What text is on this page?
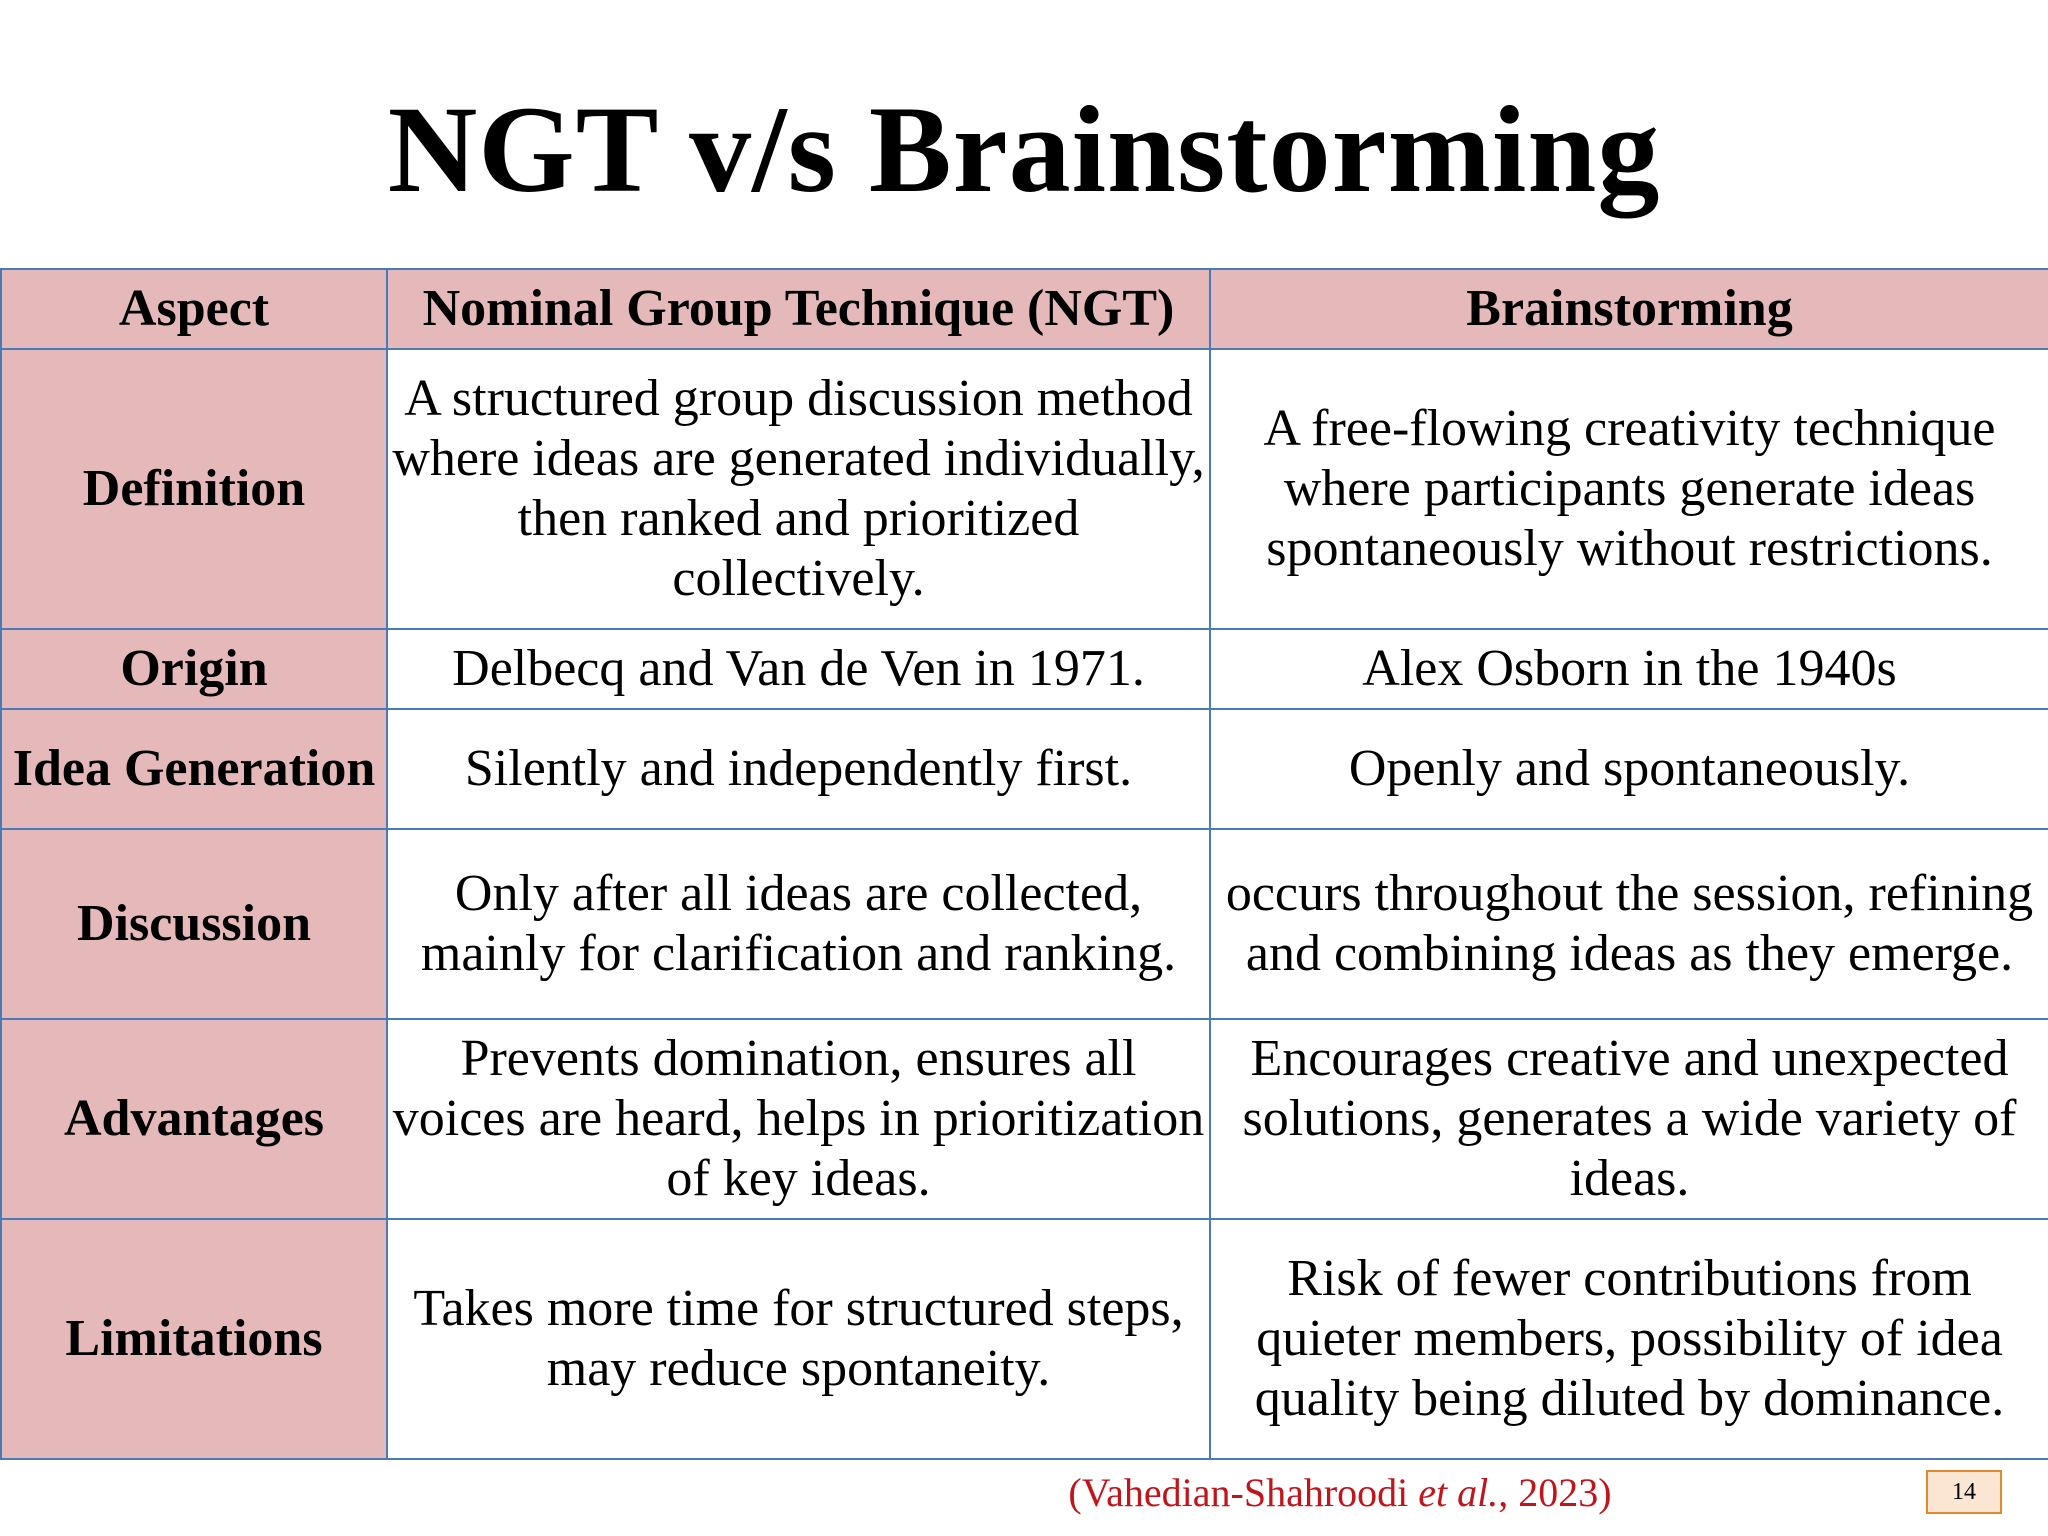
NGT v/s Brainstorming
Aspect	Nominal Group Technique (NGT)	Brainstorming
Definition	A structured group discussion method where ideas are generated individually, then ranked and prioritized collectively.	A free-flowing creativity technique where participants generate ideas spontaneously without restrictions.
Origin	Delbecq and Van de Ven in 1971.	Alex Osborn in the 1940s
Idea Generation	Silently and independently first.	Openly and spontaneously.
Discussion	Only after all ideas are collected, mainly for clarification and ranking.	occurs throughout the session, refining and combining ideas as they emerge.
Advantages	Prevents domination, ensures all voices are heard, helps in prioritization of key ideas.	Encourages creative and unexpected solutions, generates a wide variety of ideas.
Limitations	Takes more time for structured steps, may reduce spontaneity.	Risk of fewer contributions from quieter members, possibility of idea quality being diluted by dominance.
(Vahedian-Shahroodi et al., 2023)	14
